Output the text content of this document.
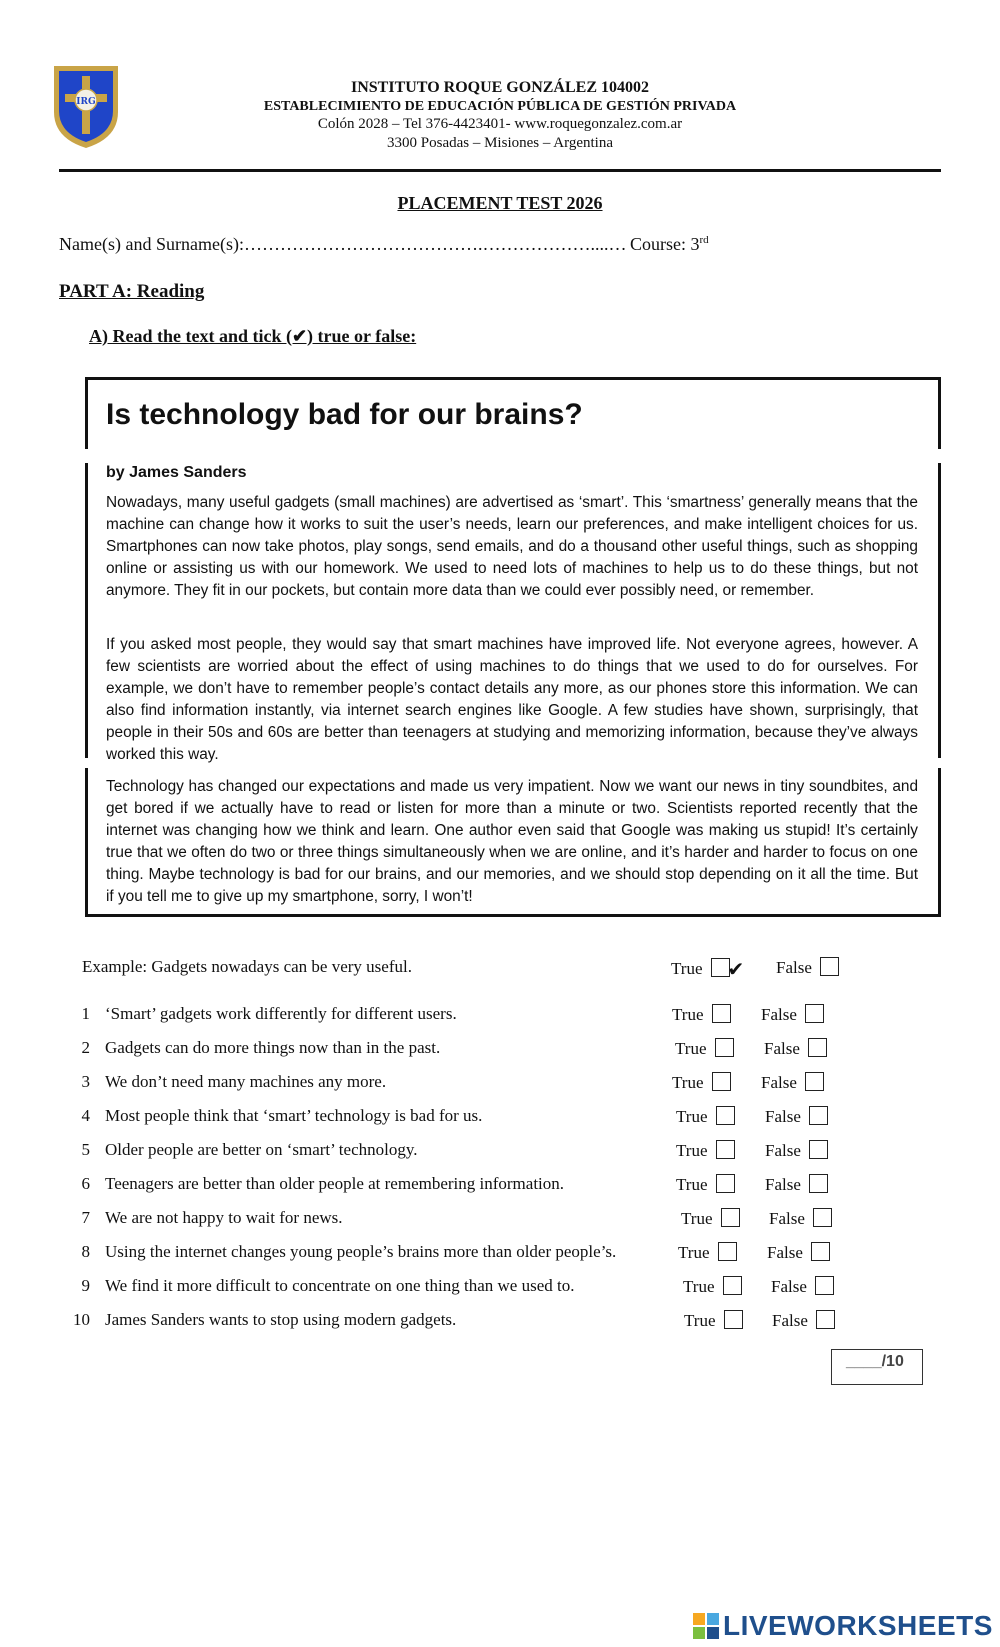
IRG
INSTITUTO ROQUE GONZÁLEZ 104002
ESTABLECIMIENTO DE EDUCACIÓN PÚBLICA DE GESTIÓN PRIVADA
Colón 2028 – Tel 376-4423401- www.roquegonzalez.com.ar
3300 Posadas – Misiones – Argentina
PLACEMENT TEST 2026
Name(s) and Surname(s):………………………………….………………....… Course: 3rd
PART A: Reading
A) Read the text and tick (✔) true or false:
Is technology bad for our brains?
by James Sanders

Nowadays, many useful gadgets (small machines) are advertised as ‘smart’. This ‘smartness’ generally means that the machine can change how it works to suit the user’s needs, learn our preferences, and make intelligent choices for us. Smartphones can now take photos, play songs, send emails, and do a thousand other useful things, such as shopping online or assisting us with our homework. We used to need lots of machines to help us to do these things, but not anymore. They fit in our pockets, but contain more data than we could ever possibly need, or remember.

If you asked most people, they would say that smart machines have improved life. Not everyone agrees, however. A few scientists are worried about the effect of using machines to do things that we used to do for ourselves. For example, we don’t have to remember people’s contact details any more, as our phones store this information. We can also find information instantly, via internet search engines like Google. A few studies have shown, surprisingly, that people in their 50s and 60s are better than teenagers at studying and memorizing information, because they’ve always worked this way.

Technology has changed our expectations and made us very impatient. Now we want our news in tiny soundbites, and get bored if we actually have to read or listen for more than a minute or two. Scientists reported recently that the internet was changing how we think and learn. One author even said that Google was making us stupid! It’s certainly true that we often do two or three things simultaneously when we are online, and it’s harder and harder to focus on one thing. Maybe technology is bad for our brains, and our memories, and we should stop depending on it all the time. But if you tell me to give up my smartphone, sorry, I won’t!

Example: Gadgets nowadays can be very useful.	True ✔ False
1 ‘Smart’ gadgets work differently for different users.	True	False
2 Gadgets can do more things now than in the past.	True	False
3 We don’t need many machines any more.	True	False
4 Most people think that ‘smart’ technology is bad for us.	True	False
5 Older people are better on ‘smart’ technology.	True	False
6 Teenagers are better than older people at remembering information.	True	False
7 We are not happy to wait for news.	True	False
8 Using the internet changes young people’s brains more than older people’s.	True	False
9 We find it more difficult to concentrate on one thing than we used to.	True	False
10 James Sanders wants to stop using modern gadgets.	True	False
____/10
LIVEWORKSHEETS
